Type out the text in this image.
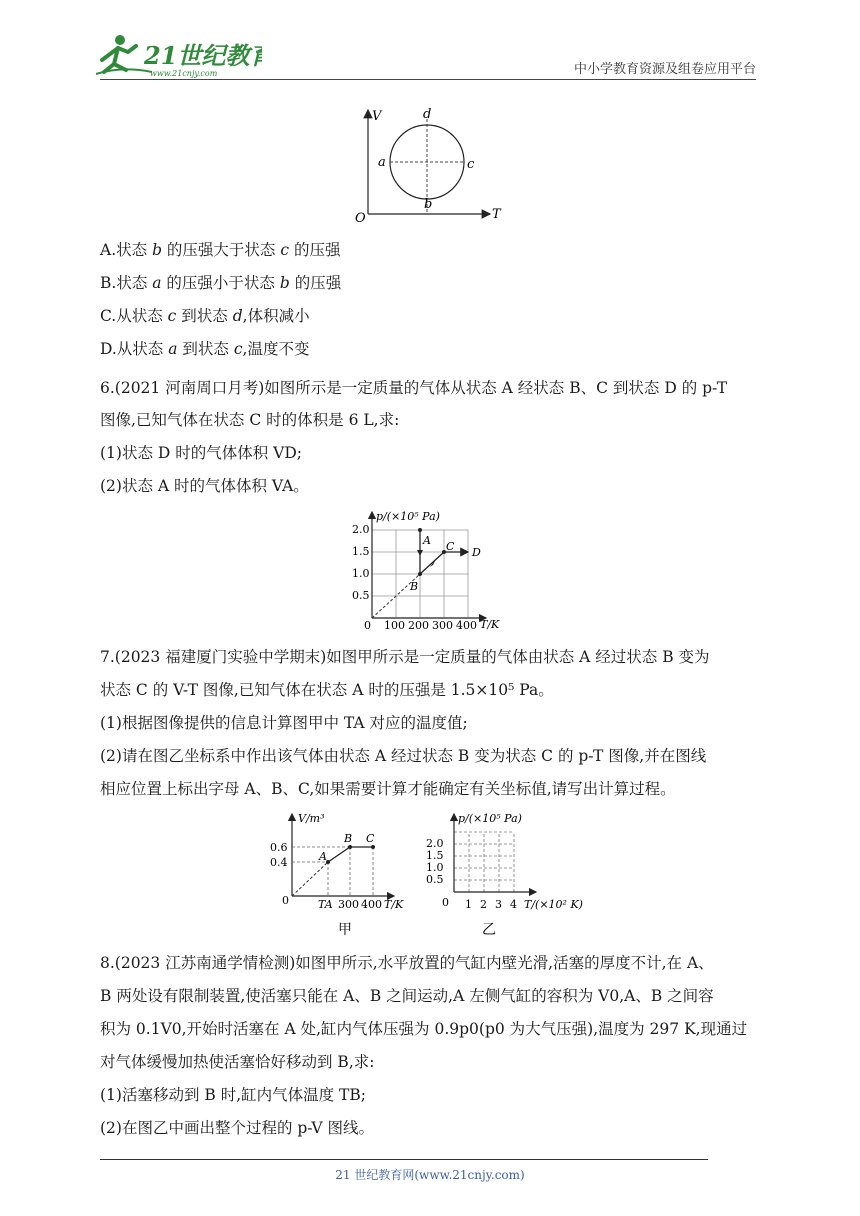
21世纪教育
www.21cnjy.com	中小学教育资源及组卷应用平台
V
T
O
a
b
c
d
A.状态 b 的压强大于状态 c 的压强
B.状态 a 的压强小于状态 b 的压强
C.从状态 c 到状态 d,体积减小
D.从状态 a 到状态 c,温度不变
6.(2021 河南周口月考)如图所示是一定质量的气体从状态 A 经状态 B、C 到状态 D 的 p-T
图像,已知气体在状态 C 时的体积是 6 L,求:
(1)状态 D 时的气体体积 VD;
(2)状态 A 时的气体体积 VA。
p/(×10⁵ Pa)
T/K
0.5
1.0
1.5
2.0
100 200 300 400
0
A
B
C D
7.(2023 福建厦门实验中学期末)如图甲所示是一定质量的气体由状态 A 经过状态 B 变为
状态 C 的 V-T 图像,已知气体在状态 A 时的压强是 1.5×10⁵ Pa。
(1)根据图像提供的信息计算图甲中 TA 对应的温度值;
(2)请在图乙坐标系中作出该气体由状态 A 经过状态 B 变为状态 C 的 p-T 图像,并在图线
相应位置上标出字母 A、B、C,如果需要计算才能确定有关坐标值,请写出计算过程。
V/m³
T/K
0.4
0.6
TA 300 400
0
A
B C
甲
p/(×10⁵ Pa)
T/(×10² K)
0.5
1.0
1.5
2.0
1 2 3 4
0
乙
8.(2023 江苏南通学情检测)如图甲所示,水平放置的气缸内壁光滑,活塞的厚度不计,在 A、
B 两处设有限制装置,使活塞只能在 A、B 之间运动,A 左侧气缸的容积为 V0,A、B 之间容
积为 0.1V0,开始时活塞在 A 处,缸内气体压强为 0.9p0(p0 为大气压强),温度为 297 K,现通过
对气体缓慢加热使活塞恰好移动到 B,求:
(1)活塞移动到 B 时,缸内气体温度 TB;
(2)在图乙中画出整个过程的 p-V 图线。
21 世纪教育网(www.21cnjy.com)
